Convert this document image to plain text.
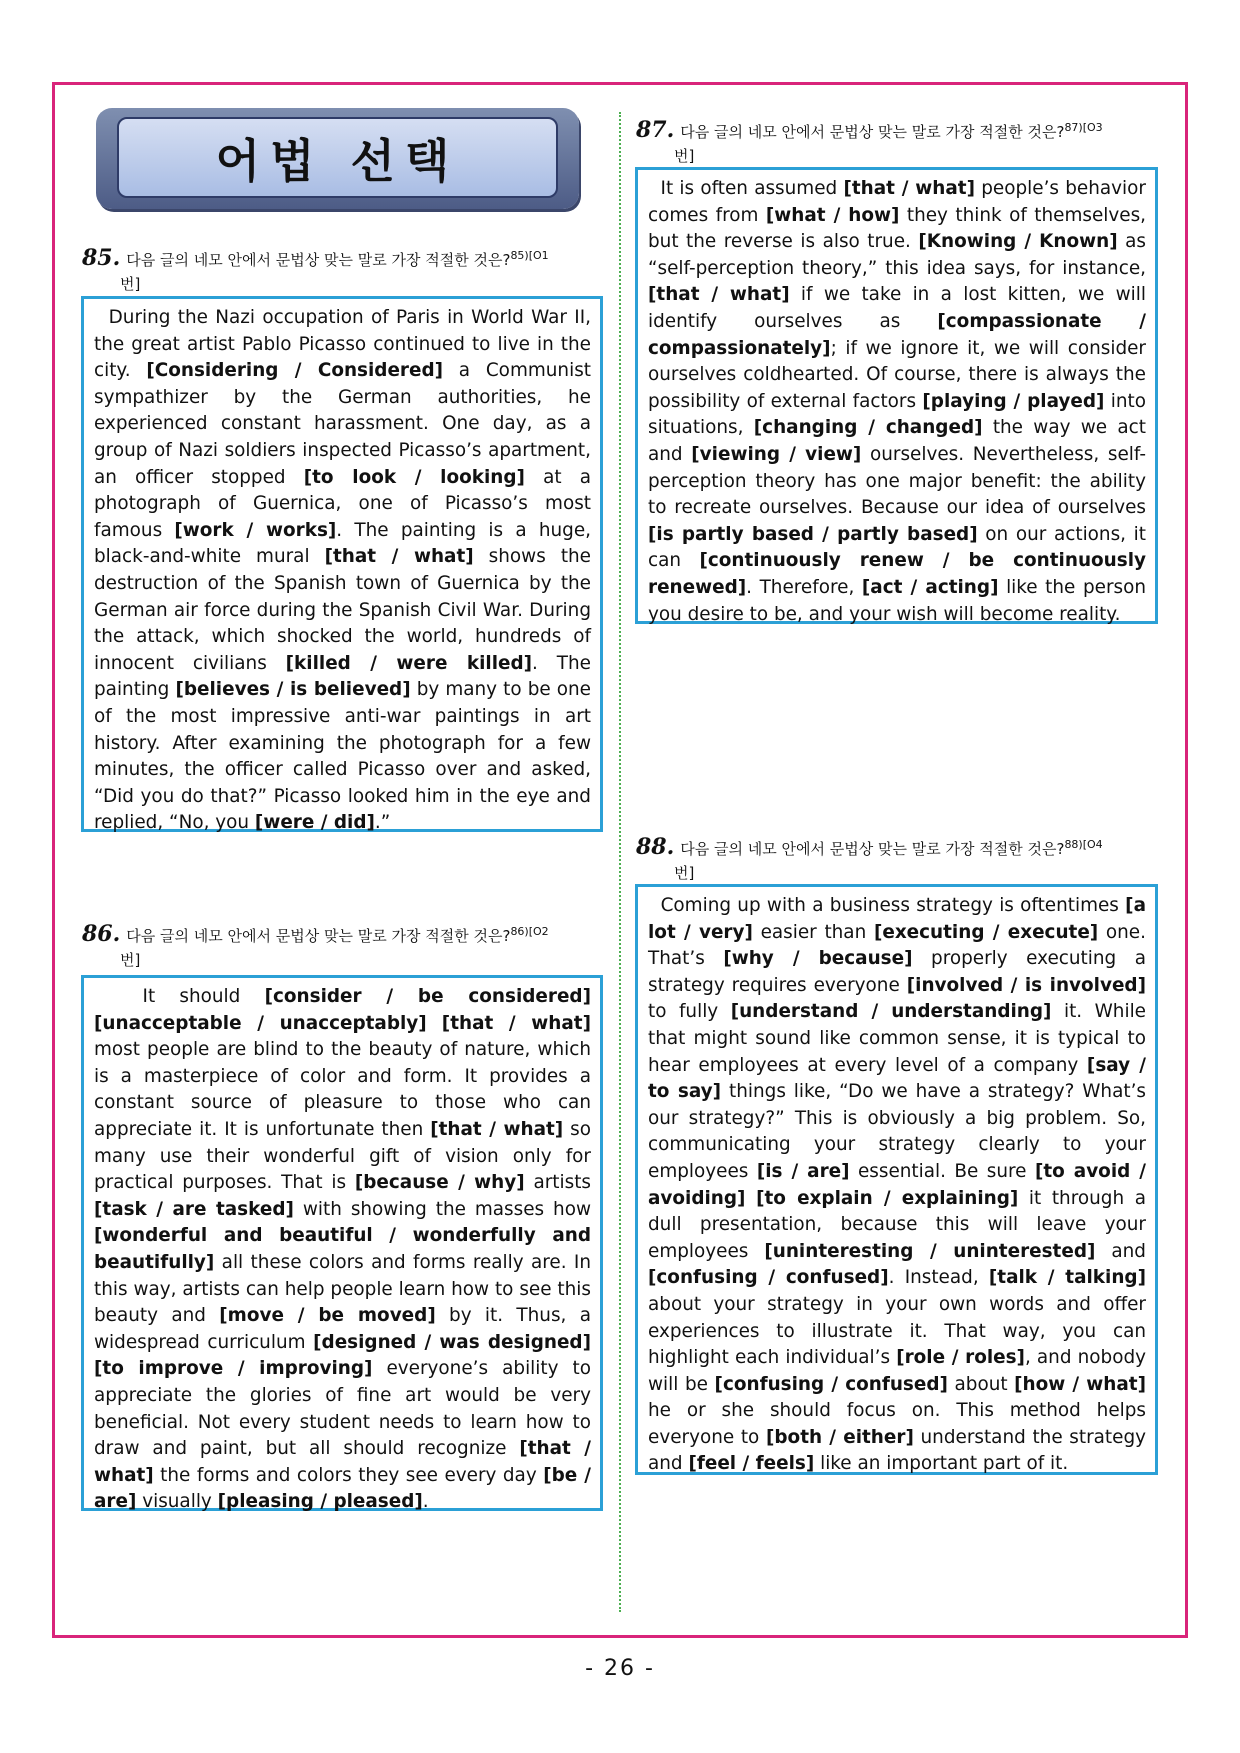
어법 선택
85. 다음 글의 네모 안에서 문법상 맞는 말로 가장 적절한 것은?$^{85)[O1}$
번]
During the Nazi occupation of Paris in World War II, the great artist Pablo Picasso continued to live in the city. [Considering / Considered] a Communist sympathizer by the German authorities, he experienced constant harassment. One day, as a group of Nazi soldiers inspected Picasso’s apartment, an officer stopped [to look / looking] at a photograph of Guernica, one of Picasso’s most famous [work / works]. The painting is a huge, black-and-white mural [that / what] shows the destruction of the Spanish town of Guernica by the German air force during the Spanish Civil War. During the attack, which shocked the world, hundreds of innocent civilians [killed / were killed]. The painting [believes / is believed] by many to be one of the most impressive anti-war paintings in art history. After examining the photograph for a few minutes, the officer called Picasso over and asked, “Did you do that?” Picasso looked him in the eye and replied, “No, you [were / did].”
86. 다음 글의 네모 안에서 문법상 맞는 말로 가장 적절한 것은?$^{86)[O2}$
번]
It should [consider / be considered] [unacceptable / unacceptably] [that / what] most people are blind to the beauty of nature, which is a masterpiece of color and form. It provides a constant source of pleasure to those who can appreciate it. It is unfortunate then [that / what] so many use their wonderful gift of vision only for practical purposes. That is [because / why] artists [task / are tasked] with showing the masses how [wonderful and beautiful / wonderfully and beautifully] all these colors and forms really are. In this way, artists can help people learn how to see this beauty and [move / be moved] by it. Thus, a widespread curriculum [designed / was designed] [to improve / improving] everyone’s ability to appreciate the glories of fine art would be very beneficial. Not every student needs to learn how to draw and paint, but all should recognize [that / what] the forms and colors they see every day [be / are] visually [pleasing / pleased].
87. 다음 글의 네모 안에서 문법상 맞는 말로 가장 적절한 것은?$^{87)[O3}$
번]
It is often assumed [that / what] people’s behavior comes from [what / how] they think of themselves, but the reverse is also true. [Knowing / Known] as “self-perception theory,” this idea says, for instance, [that / what] if we take in a lost kitten, we will identify ourselves as [compassionate / compassionately]; if we ignore it, we will consider ourselves coldhearted. Of course, there is always the possibility of external factors [playing / played] into situations, [changing / changed] the way we act and [viewing / view] ourselves. Nevertheless, self-perception theory has one major benefit: the ability to recreate ourselves. Because our idea of ourselves [is partly based / partly based] on our actions, it can [continuously renew / be continuously renewed]. Therefore, [act / acting] like the person you desire to be, and your wish will become reality.
88. 다음 글의 네모 안에서 문법상 맞는 말로 가장 적절한 것은?$^{88)[O4}$
번]
Coming up with a business strategy is oftentimes [a lot / very] easier than [executing / execute] one. That’s [why / because] properly executing a strategy requires everyone [involved / is involved] to fully [understand / understanding] it. While that might sound like common sense, it is typical to hear employees at every level of a company [say / to say] things like, “Do we have a strategy? What’s our strategy?” This is obviously a big problem. So, communicating your strategy clearly to your employees [is / are] essential. Be sure [to avoid / avoiding] [to explain / explaining] it through a dull presentation, because this will leave your employees [uninteresting / uninterested] and [confusing / confused]. Instead, [talk / talking] about your strategy in your own words and offer experiences to illustrate it. That way, you can highlight each individual’s [role / roles], and nobody will be [confusing / confused] about [how / what] he or she should focus on. This method helps everyone to [both / either] understand the strategy and [feel / feels] like an important part of it.
- 26 -
